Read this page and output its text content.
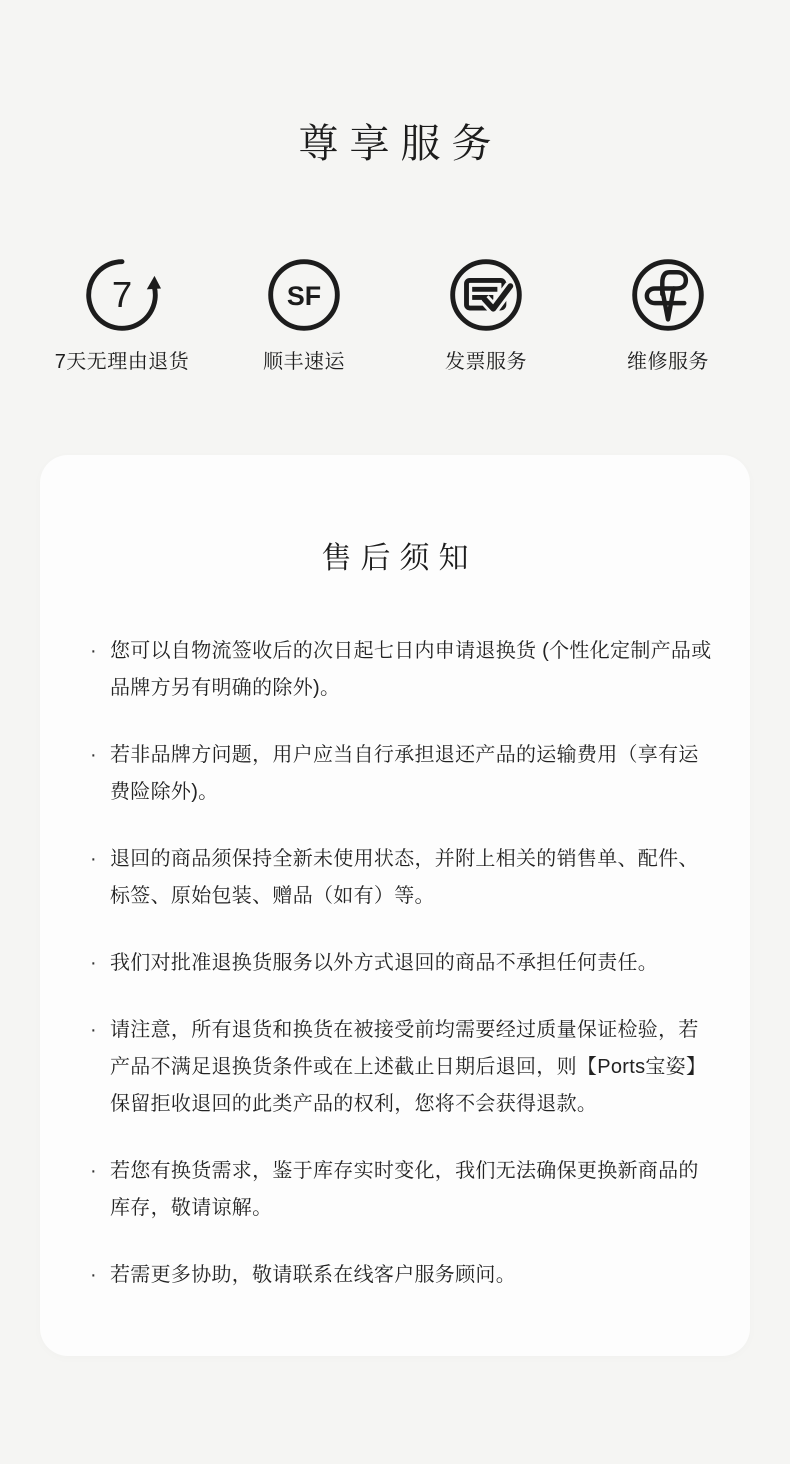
尊享服务
7
7天无理由退货
SF
顺丰速运	发票服务	维修服务
售后须知
· 您可以自物流签收后的次日起七日内申请退换货 (个性化定制产品或品牌方另有明确的除外)。
· 若非品牌方问题，用户应当自行承担退还产品的运输费用（享有运费险除外)。
· 退回的商品须保持全新未使用状态，并附上相关的销售单、配件、标签、原始包装、赠品（如有）等。
· 我们对批准退换货服务以外方式退回的商品不承担任何责任。
· 请注意，所有退货和换货在被接受前均需要经过质量保证检验，若产品不满足退换货条件或在上述截止日期后退回，则【Ports宝姿】保留拒收退回的此类产品的权利，您将不会获得退款。
· 若您有换货需求，鉴于库存实时变化，我们无法确保更换新商品的库存，敬请谅解。
· 若需更多协助，敬请联系在线客户服务顾问。
